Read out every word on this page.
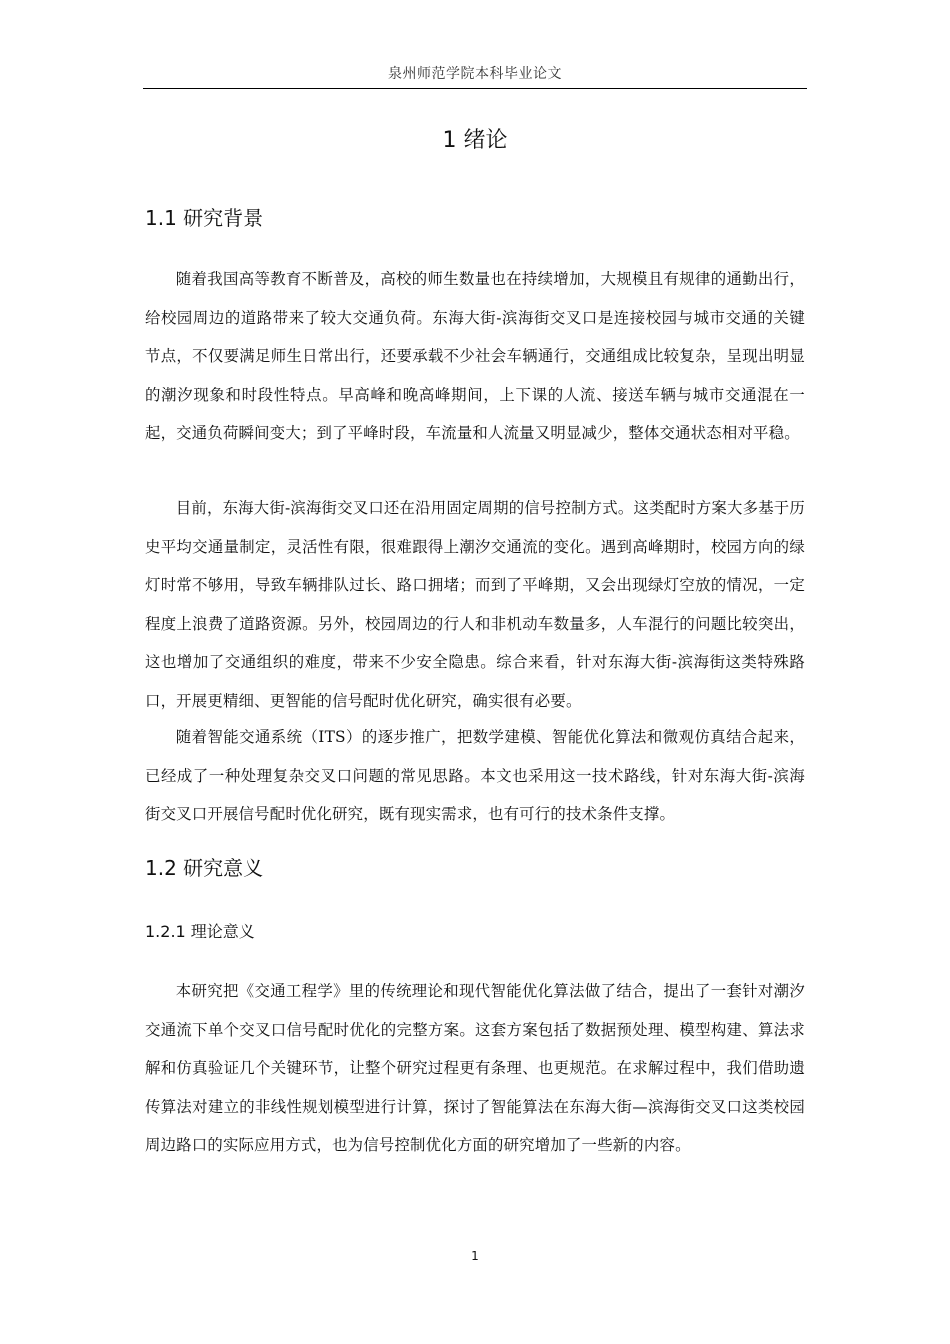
泉州师范学院本科毕业论文
1 绪论
1.1 研究背景

随着我国高等教育不断普及，高校的师生数量也在持续增加，大规模且有规律的通勤出行，给校园周边的道路带来了较大交通负荷。东海大街-滨海街交叉口是连接校园与城市交通的关键节点，不仅要满足师生日常出行，还要承载不少社会车辆通行，交通组成比较复杂，呈现出明显的潮汐现象和时段性特点。早高峰和晚高峰期间，上下课的人流、接送车辆与城市交通混在一起，交通负荷瞬间变大；到了平峰时段，车流量和人流量又明显减少，整体交通状态相对平稳。

目前，东海大街-滨海街交叉口还在沿用固定周期的信号控制方式。这类配时方案大多基于历史平均交通量制定，灵活性有限，很难跟得上潮汐交通流的变化。遇到高峰期时，校园方向的绿灯时常不够用，导致车辆排队过长、路口拥堵；而到了平峰期，又会出现绿灯空放的情况，一定程度上浪费了道路资源。另外，校园周边的行人和非机动车数量多，人车混行的问题比较突出，这也增加了交通组织的难度，带来不少安全隐患。综合来看，针对东海大街-滨海街这类特殊路口，开展更精细、更智能的信号配时优化研究，确实很有必要。

随着智能交通系统（ITS）的逐步推广，把数学建模、智能优化算法和微观仿真结合起来，已经成了一种处理复杂交叉口问题的常见思路。本文也采用这一技术路线，针对东海大街-滨海街交叉口开展信号配时优化研究，既有现实需求，也有可行的技术条件支撑。

1.2 研究意义
1.2.1 理论意义

本研究把《交通工程学》里的传统理论和现代智能优化算法做了结合，提出了一套针对潮汐交通流下单个交叉口信号配时优化的完整方案。这套方案包括了数据预处理、模型构建、算法求解和仿真验证几个关键环节，让整个研究过程更有条理、也更规范。在求解过程中，我们借助遗传算法对建立的非线性规划模型进行计算，探讨了智能算法在东海大街—滨海街交叉口这类校园周边路口的实际应用方式，也为信号控制优化方面的研究增加了一些新的内容。

1
